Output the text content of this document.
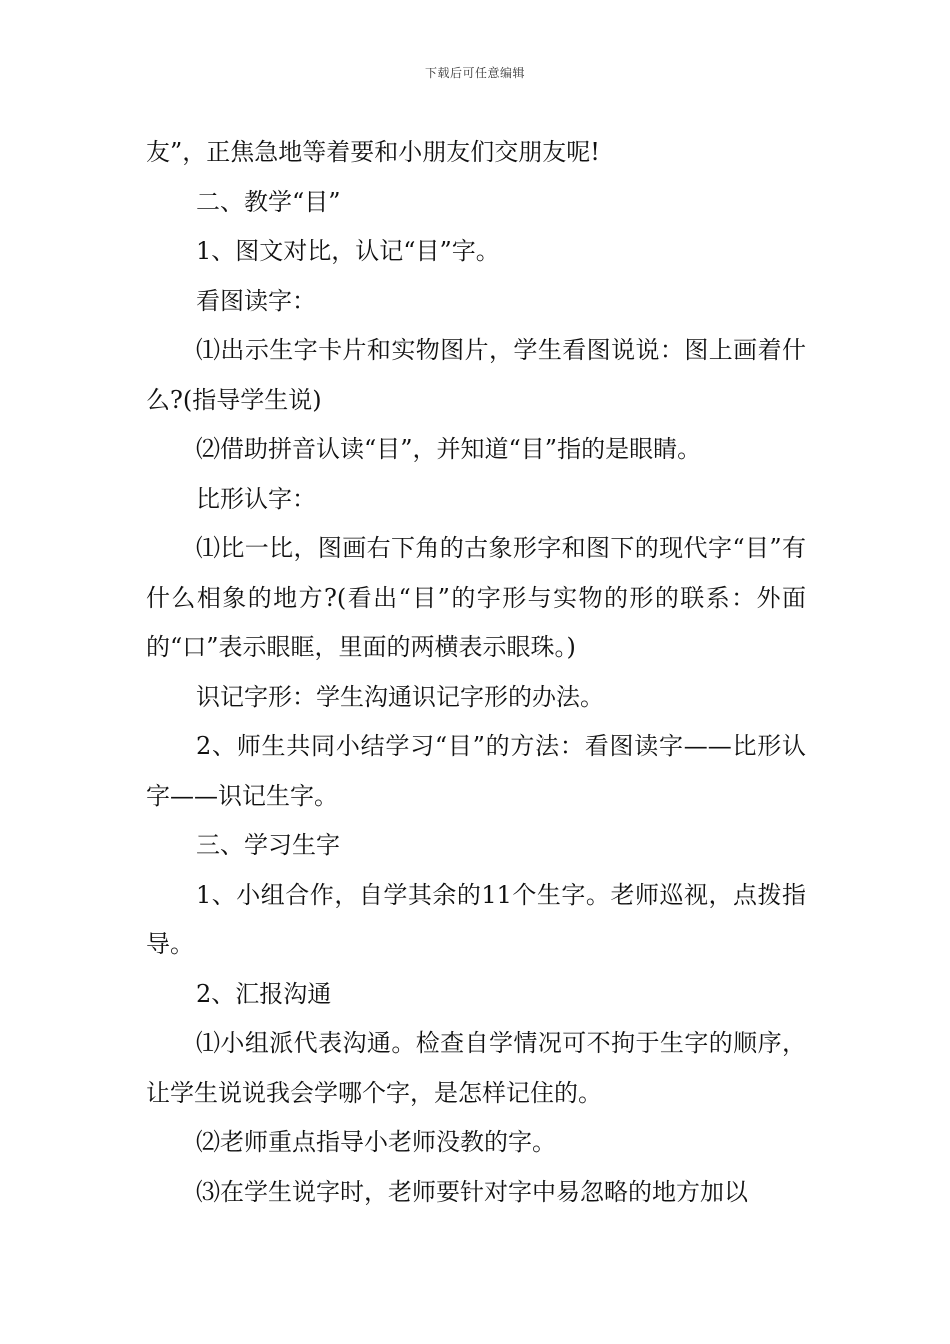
下载后可任意编辑

友”，正焦急地等着要和小朋友们交朋友呢!

二、教学“目”

1、图文对比，认记“目”字。

看图读字：

⑴出示生字卡片和实物图片，学生看图说说：图上画着什么?(指导学生说)

⑵借助拼音认读“目”，并知道“目”指的是眼睛。

比形认字：

⑴比一比，图画右下角的古象形字和图下的现代字“目”有什么相象的地方?(看出“目”的字形与实物的形的联系：外面的“口”表示眼眶，里面的两横表示眼珠。)

识记字形：学生沟通识记字形的办法。

2、师生共同小结学习“目”的方法：看图读字——比形认字——识记生字。

三、学习生字

1、小组合作，自学其余的11个生字。老师巡视，点拨指导。

2、汇报沟通

⑴小组派代表沟通。检查自学情况可不拘于生字的顺序，让学生说说我会学哪个字，是怎样记住的。

⑵老师重点指导小老师没教的字。

⑶在学生说字时，老师要针对字中易忽略的地方加以
